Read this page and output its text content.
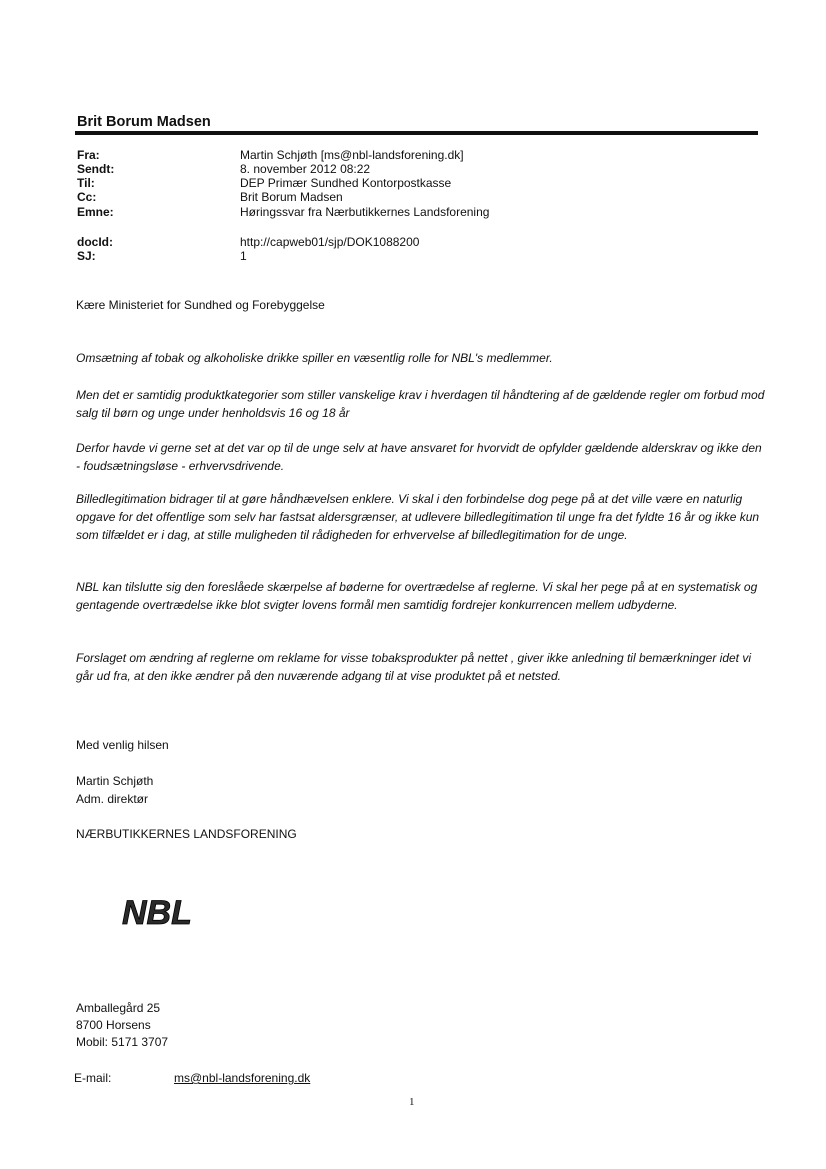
Brit Borum Madsen
Fra:	Martin Schjøth [ms@nbl-landsforening.dk]
Sendt:	8. november 2012 08:22
Til:	DEP Primær Sundhed Kontorpostkasse
Cc:	Brit Borum Madsen
Emne:	Høringssvar fra Nærbutikkernes Landsforening
docId:	http://capweb01/sjp/DOK1088200
SJ:	1
Kære Ministeriet for Sundhed og Forebyggelse
Omsætning af tobak og alkoholiske drikke spiller en væsentlig rolle for NBL's medlemmer.
Men det er samtidig produktkategorier som stiller vanskelige krav i hverdagen til håndtering af de gældende regler om forbud mod salg til børn og unge under henholdsvis 16 og 18 år
Derfor havde vi gerne set at det var op til de unge selv at have ansvaret for hvorvidt de opfylder gældende alderskrav og ikke den - foudsætningsløse - erhvervsdrivende.
Billedlegitimation bidrager til at gøre håndhævelsen enklere. Vi skal i den forbindelse dog pege på at det ville være en naturlig opgave for det offentlige som selv har fastsat aldersgrænser, at udlevere billedlegitimation til unge fra det fyldte 16 år og ikke kun som tilfældet er i dag, at stille muligheden til rådigheden for erhvervelse af billedlegitimation for de unge.
NBL kan tilslutte sig den foreslåede skærpelse af bøderne for overtrædelse af reglerne. Vi skal her pege på at en systematisk og gentagende overtrædelse ikke blot svigter lovens formål men samtidig fordrejer konkurrencen mellem udbyderne.
Forslaget om ændring af reglerne om reklame for visse tobaksprodukter på nettet , giver ikke anledning til bemærkninger idet vi går ud fra, at den ikke ændrer på den nuværende adgang til at vise produktet på et netsted.
Med venlig hilsen
Martin Schjøth
Adm. direktør
NÆRBUTIKKERNES LANDSFORENING
NBL
Amballegård 25
8700 Horsens
Mobil: 5171 3707
E-mail:	ms@nbl-landsforening.dk
1
